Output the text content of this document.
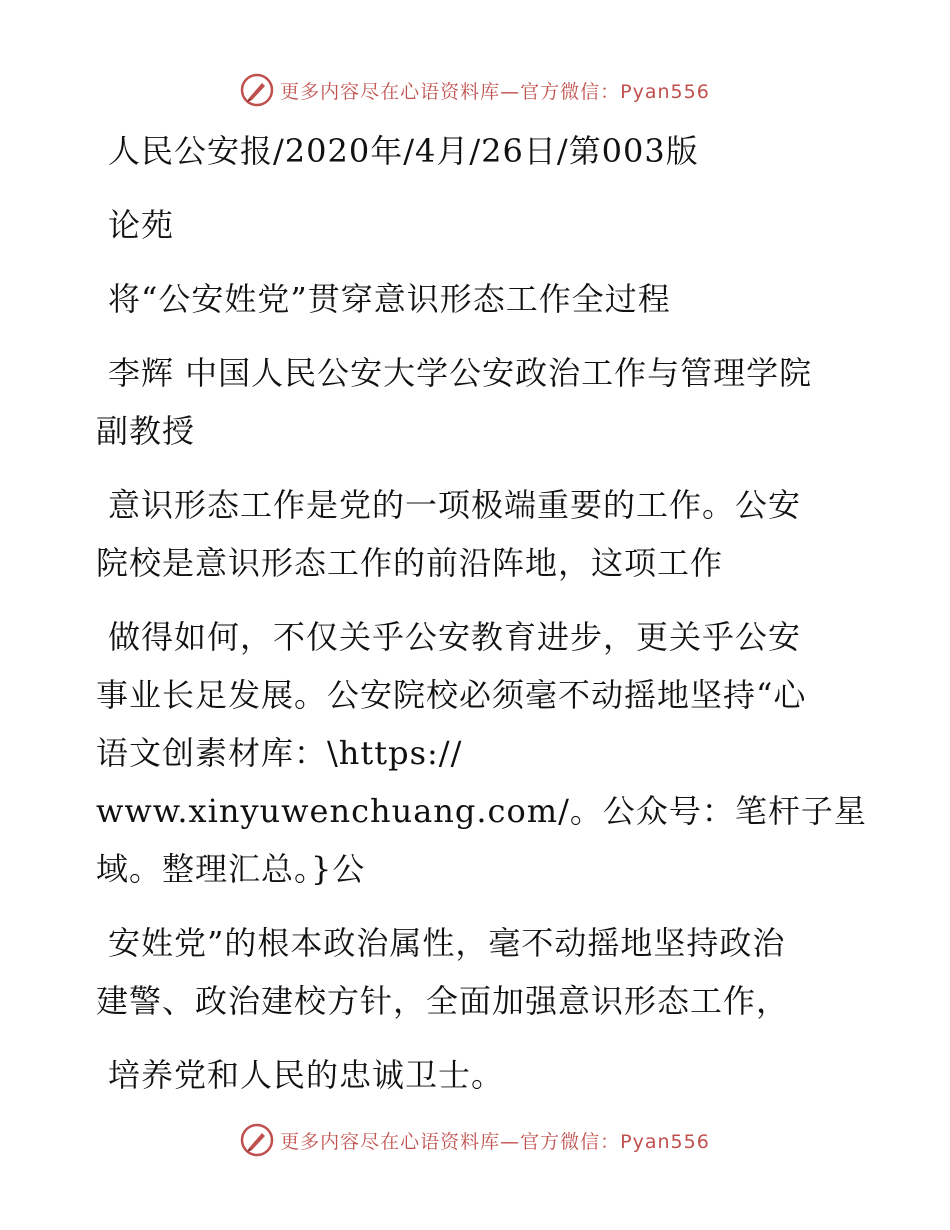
更多内容尽在心语资料库—官方微信：Pyan556
人民公安报/2020年/4月/26日/第003版
论苑
将“公安姓党”贯穿意识形态工作全过程
李辉 中国人民公安大学公安政治工作与管理学院
副教授
意识形态工作是党的一项极端重要的工作。公安
院校是意识形态工作的前沿阵地，这项工作
做得如何，不仅关乎公安教育进步，更关乎公安
事业长足发展。公安院校必须毫不动摇地坚持“心
语文创素材库：\https://
www.xinyuwenchuang.com/。公众号：笔杆子星
域。整理汇总。}公
安姓党”的根本政治属性，毫不动摇地坚持政治
建警、政治建校方针，全面加强意识形态工作，
培养党和人民的忠诚卫士。
更多内容尽在心语资料库—官方微信：Pyan556
